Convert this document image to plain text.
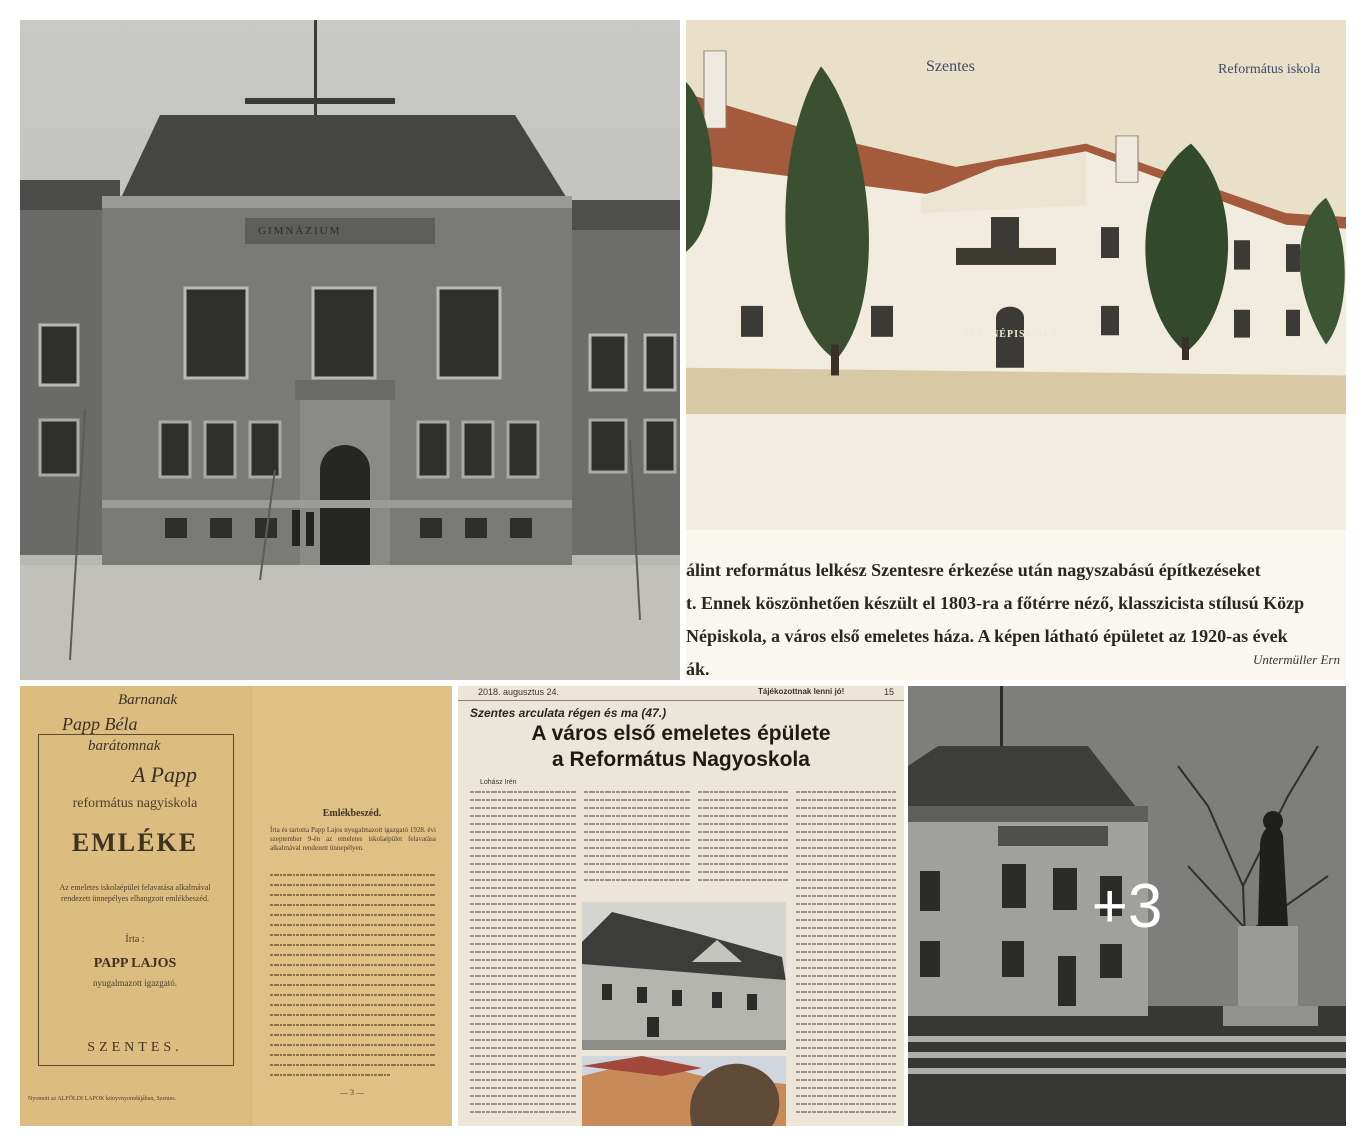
GIMNÁZIUM
Szentes	Református iskola
REF. NÉPISKOLA
álint református lelkész Szentesre érkezése után nagyszabású építkezéseket
t. Ennek köszönhetően készült el 1803-ra a főtérre néző, klasszicista stílusú Közp
Népiskola, a város első emeletes háza. A képen látható épületet az 1920-as évek
ák.	Untermüller Ern
Barnanak
Papp Béla
barátomnak
A Papp
református nagyiskola
EMLÉKE
Az emeletes iskolaépület felavatása alkalmával rendezett ünnepélyes elhangzott emlékbeszéd.
Írta :
PAPP LAJOS
nyugalmazott igazgató.
SZENTES.
Nyomott az ALFÖLDI LAPOK könyvnyomdájában, Szentes.
Emlékbeszéd.
Írta és tartotta Papp Lajos nyugalmazott igazgató 1928. évi szeptember 9-én az emeletes iskolaépület felavatása alkalmával rendezett ünnepélyen.
— 3 —
2018. augusztus 24.	Tájékozottnak lenni jó!	15
Szentes arculata régen és ma (47.)
A város első emeletes épülete
a Református Nagyoskola
Lohász Irén
+3
